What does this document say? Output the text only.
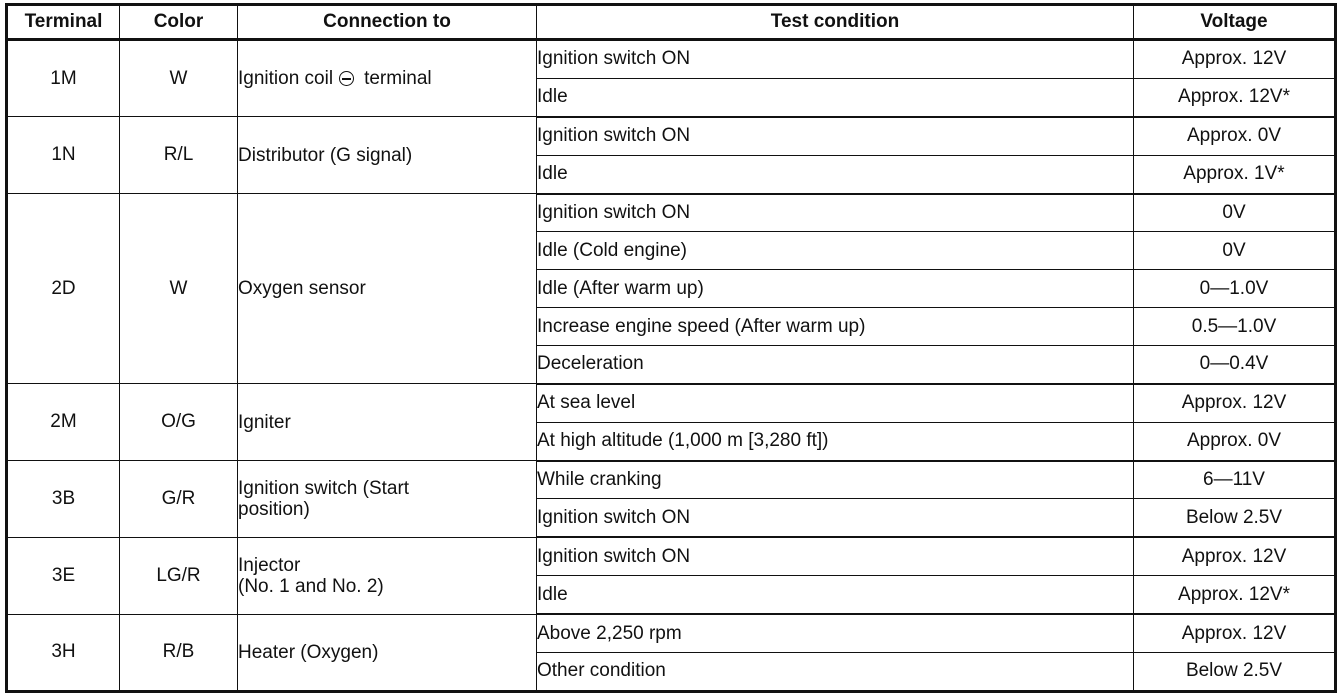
Terminal	Color	Connection to	Test condition	Voltage
1M	W	Ignition coil terminal	Ignition switch ON	Approx. 12V
			Idle	Approx. 12V*
1N	R/L	Distributor (G signal)	Ignition switch ON	Approx. 0V
			Idle	Approx. 1V*
2D	W	Oxygen sensor	Ignition switch ON	0V
			Idle (Cold engine)	0V
			Idle (After warm up)	0—1.0V
			Increase engine speed (After warm up)	0.5—1.0V
			Deceleration	0—0.4V
2M	O/G	Igniter	At sea level	Approx. 12V
			At high altitude (1,000 m [3,280 ft])	Approx. 0V
3B	G/R	Ignition switch (Start
position)	While cranking	6—11V
			Ignition switch ON	Below 2.5V
3E	LG/R	Injector
(No. 1 and No. 2)	Ignition switch ON	Approx. 12V
			Idle	Approx. 12V*
3H	R/B	Heater (Oxygen)	Above 2,250 rpm	Approx. 12V
			Other condition	Below 2.5V
